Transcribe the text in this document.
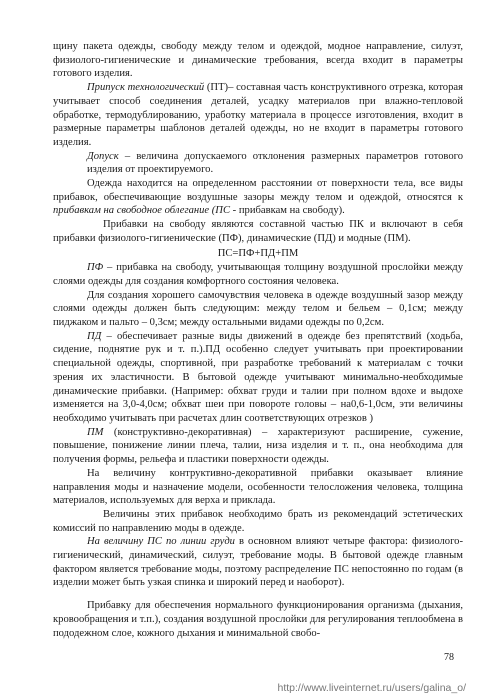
щину пакета одежды, свободу между телом и одеждой, модное направление, силуэт, физиолого-гигиенические и динамические требования, всегда входит в параметры готового изделия.

Припуск технологический (ПТ)– составная часть конструктивного отрезка, которая учитывает способ соединения деталей, усадку материалов при влажно-тепловой обработке, термодублированию, уработку материала в процессе изготовления, входит в размерные параметры шаблонов деталей одежды, но не входит в параметры готового изделия.

Допуск – величина допускаемого отклонения размерных параметров готового изделия от проектируемого.

Одежда находится на определенном расстоянии от поверхности тела, все виды прибавок, обеспечивающие воздушные зазоры между телом и одеждой, относятся к прибавкам на свободное облегание (ПС - прибавкам на свободу).

Прибавки на свободу являются составной частью ПК и включают в себя прибавки физиолого-гигиенические (ПФ), динамические (ПД) и модные (ПМ).

ПС=ПФ+ПД+ПМ

ПФ – прибавка на свободу, учитывающая толщину воздушной прослойки между слоями одежды для создания комфортного состояния человека.

Для создания хорошего самочувствия человека в одежде воздушный зазор между слоями одежды должен быть следующим: между телом и бельем – 0,1см; между пиджаком и пальто – 0,3см; между остальными видами одежды по 0,2см.

ПД – обеспечивает разные виды движений в одежде без препятствий (ходьба, сидение, поднятие рук и т. п.).ПД особенно следует учитывать при проектировании специальной одежды, спортивной, при разработке требований к материалам с точки зрения их эластичности. В бытовой одежде учитывают минимально-необходимые динамические прибавки. (Например: обхват груди и талии при полном вдохе и выдохе изменяется на 3,0-4,0см; обхват шеи при повороте головы – на0,6-1,0см, эти величины необходимо учитывать при расчетах длин соответствующих отрезков )

ПМ (конструктивно-декоративная) – характеризуют расширение, сужение, повышение, понижение линии плеча, талии, низа изделия и т. п., она необходима для получения формы, рельефа и пластики поверхности одежды.

На величину контруктивно-декоративной прибавки оказывает влияние направления моды и назначение модели, особенности телосложения человека, толщина материалов, используемых для верха и приклада.

Величины этих прибавок необходимо брать из рекомендаций эстетических комиссий по направлению моды в одежде.

На величину ПС по линии груди в основном влияют четыре фактора: физиолого-гигиенический, динамический, силуэт, требование моды. В бытовой одежде главным фактором является требование моды, поэтому распределение ПС непостоянно по годам (в изделии может быть узкая спинка и широкий перед и наоборот).

Прибавку для обеспечения нормального функционирования организма (дыхания, кровообращения и т.п.), создания воздушной прослойки для регулирования теплообмена в пододежном слое, кожного дыхания и минимальной свобо-

78
http://www.liveinternet.ru/users/galina_o/
